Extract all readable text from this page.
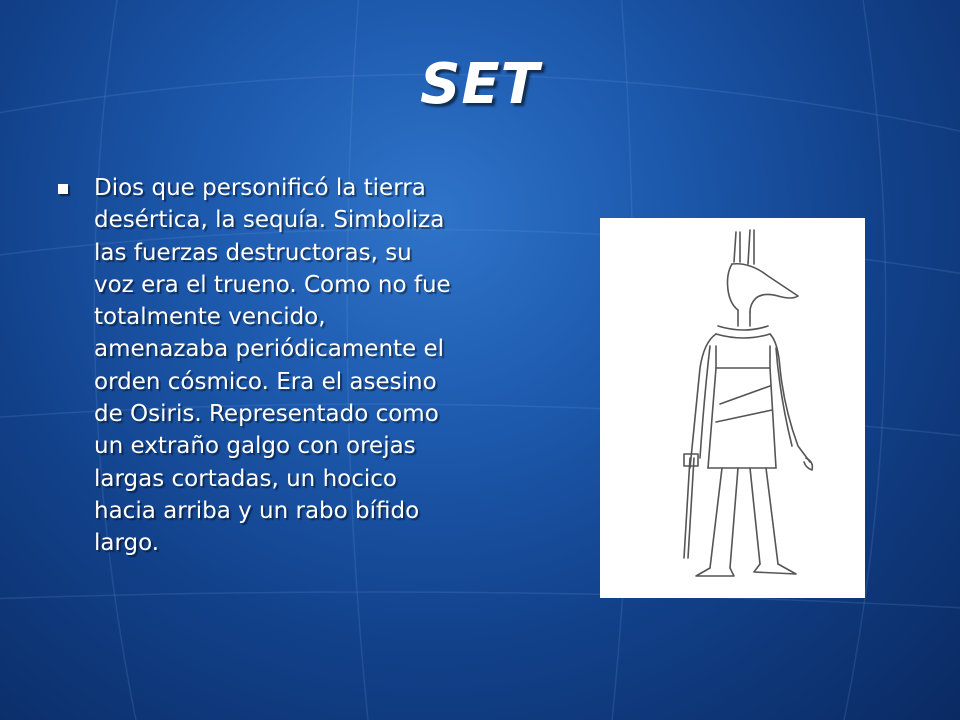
SET

Dios que personificó la tierra desértica, la sequía. Simboliza las fuerzas destructoras, su voz era el trueno. Como no fue totalmente vencido, amenazaba periódicamente el orden cósmico. Era el asesino de Osiris. Representado como un extraño galgo con orejas largas cortadas, un hocico hacia arriba y un rabo bífido largo.
